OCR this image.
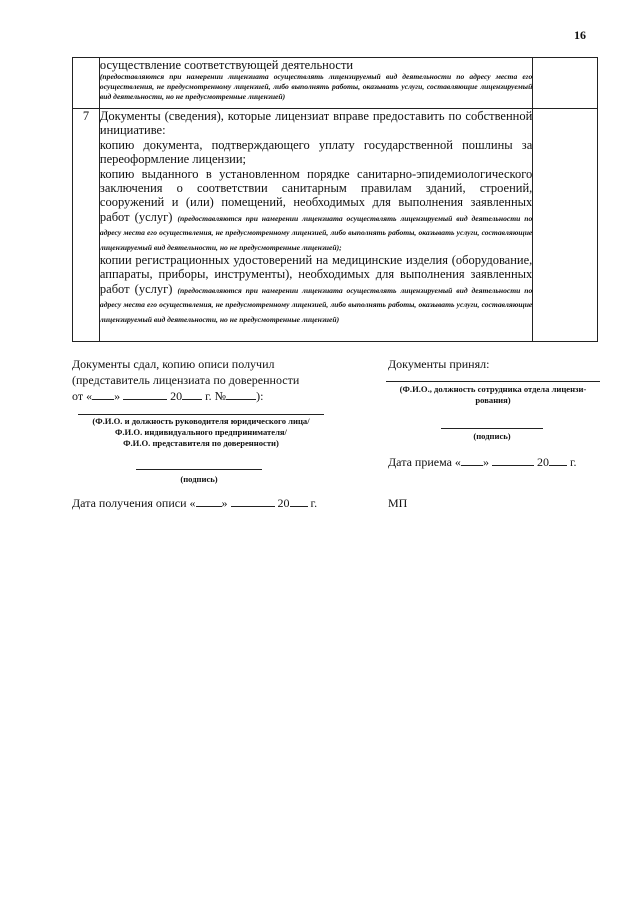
16

	осуществление соответствующей деятельности

(предоставляются при намерении лицензиата осуществлять лицензируемый вид деятельности по адресу места его осуществления, не предусмотренному лицензией, либо выполнять работы, оказывать услуги, составляющие лицензируемый вид деятельности, но не предусмотренные лицензией)	

7	Документы (сведения), которые лицензиат вправе предоставить по собственной инициативе:

копию документа, подтверждающего уплату государственной пошлины за переоформление лицензии;

копию выданного в установленном порядке санитарно-эпидемиологического заключения о соответствии санитарным правилам зданий, строений, сооружений и (или) помещений, необходимых для выполнения заявленных работ (услуг) (предоставляются при намерении лицензиата осуществлять лицензируемый вид деятельности по адресу места его осуществления, не предусмотренному лицензией, либо выполнять работы, оказывать услуги, составляющие лицензируемый вид деятельности, но не предусмотренные лицензией);

копии регистрационных удостоверений на медицинские изделия (оборудование, аппараты, приборы, инструменты), необходимых для выполнения заявленных работ (услуг) (предоставляются при намерении лицензиата осуществлять лицензируемый вид деятельности по адресу места его осуществления, не предусмотренному лицензией, либо выполнять работы, оказывать услуги, составляющие лицензируемый вид деятельности, но не предусмотренные лицензией)	

Документы сдал, копию описи получил
(представитель лицензиата по доверенности
от « »	20 г. №	):
(Ф.И.О. и должность руководителя юридического лица/
Ф.И.О. индивидуального предпринимателя/
Ф.И.О. представителя по доверенности)
(подпись)
Дата получения описи « »	20 г.
Документы принял:
(Ф.И.О., должность сотрудника отдела лицензи-
рования)
(подпись)
Дата приема « »	20 г.
МП
